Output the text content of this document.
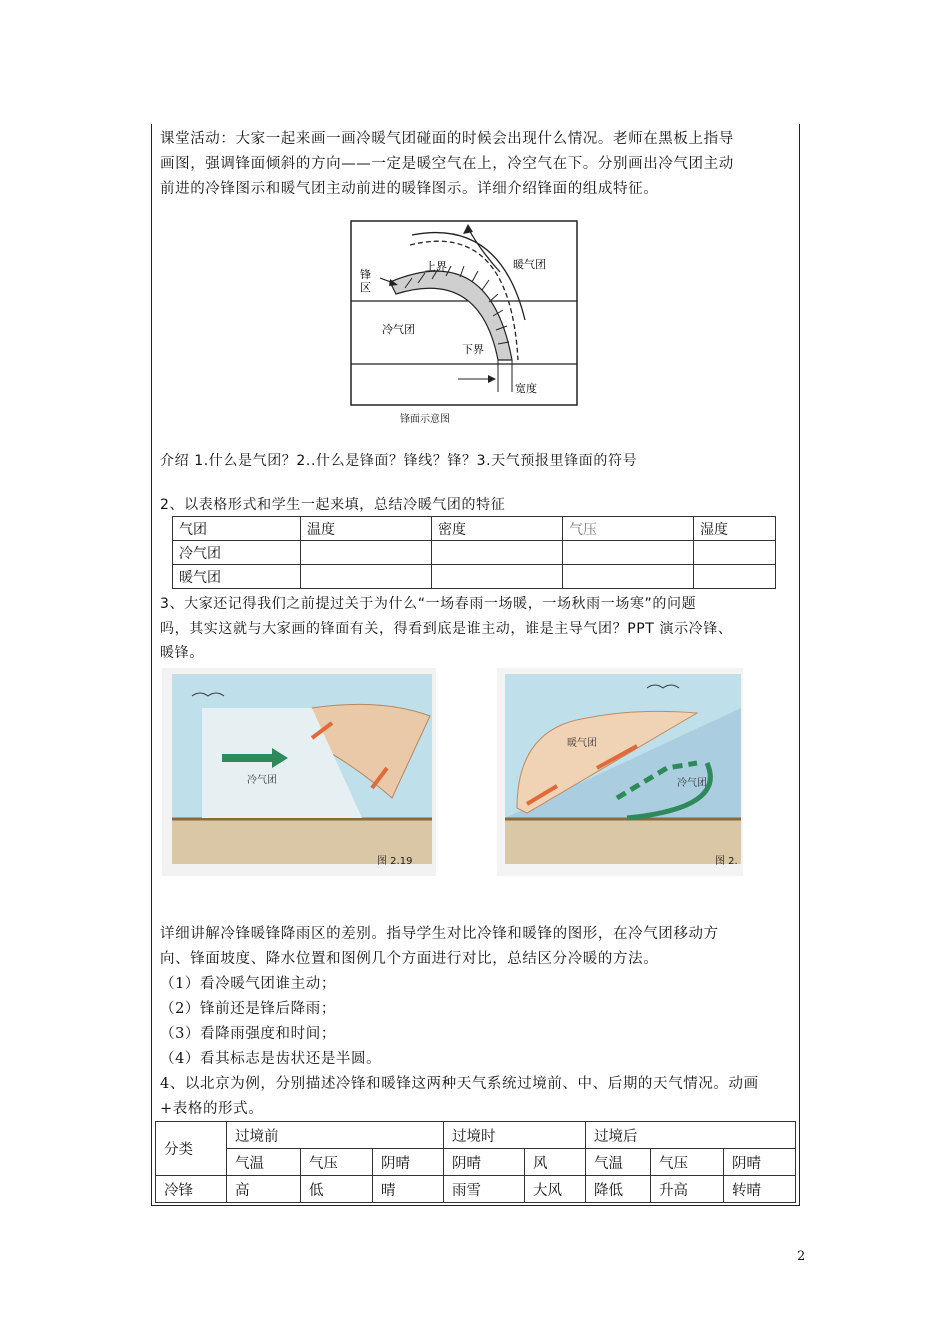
课堂活动：大家一起来画一画冷暖气团碰面的时候会出现什么情况。老师在黑板上指导
画图，强调锋面倾斜的方向——一定是暖空气在上，冷空气在下。分别画出冷气团主动
前进的冷锋图示和暖气团主动前进的暖锋图示。详细介绍锋面的组成特征。
暖气团
上界
锋
区
冷气团
下界
宽度
锋面示意图
介绍 1.什么是气团？2..什么是锋面？锋线？锋？3.天气预报里锋面的符号
2、以表格形式和学生一起来填，总结冷暖气团的特征
气团	温度	密度	气压	湿度
冷气团				
暖气团				
3、大家还记得我们之前提过关于为什么“一场春雨一场暖，一场秋雨一场寒”的问题
吗，其实这就与大家画的锋面有关，得看到底是谁主动，谁是主导气团？PPT 演示冷锋、
暖锋。
冷气团
图 2.19
暖气团
冷气团
图 2.
详细讲解冷锋暖锋降雨区的差别。指导学生对比冷锋和暖锋的图形，在冷气团移动方
向、锋面坡度、降水位置和图例几个方面进行对比，总结区分冷暖的方法。
（1）看冷暖气团谁主动；
（2）锋前还是锋后降雨；
（3）看降雨强度和时间；
（4）看其标志是齿状还是半圆。
4、以北京为例，分别描述冷锋和暖锋这两种天气系统过境前、中、后期的天气情况。动画
+表格的形式。
分类	过境前			过境时		过境后		
	气温	气压	阴晴	阴晴	风	气温	气压	阴晴
冷锋	高	低	晴	雨雪	大风	降低	升高	转晴
2
